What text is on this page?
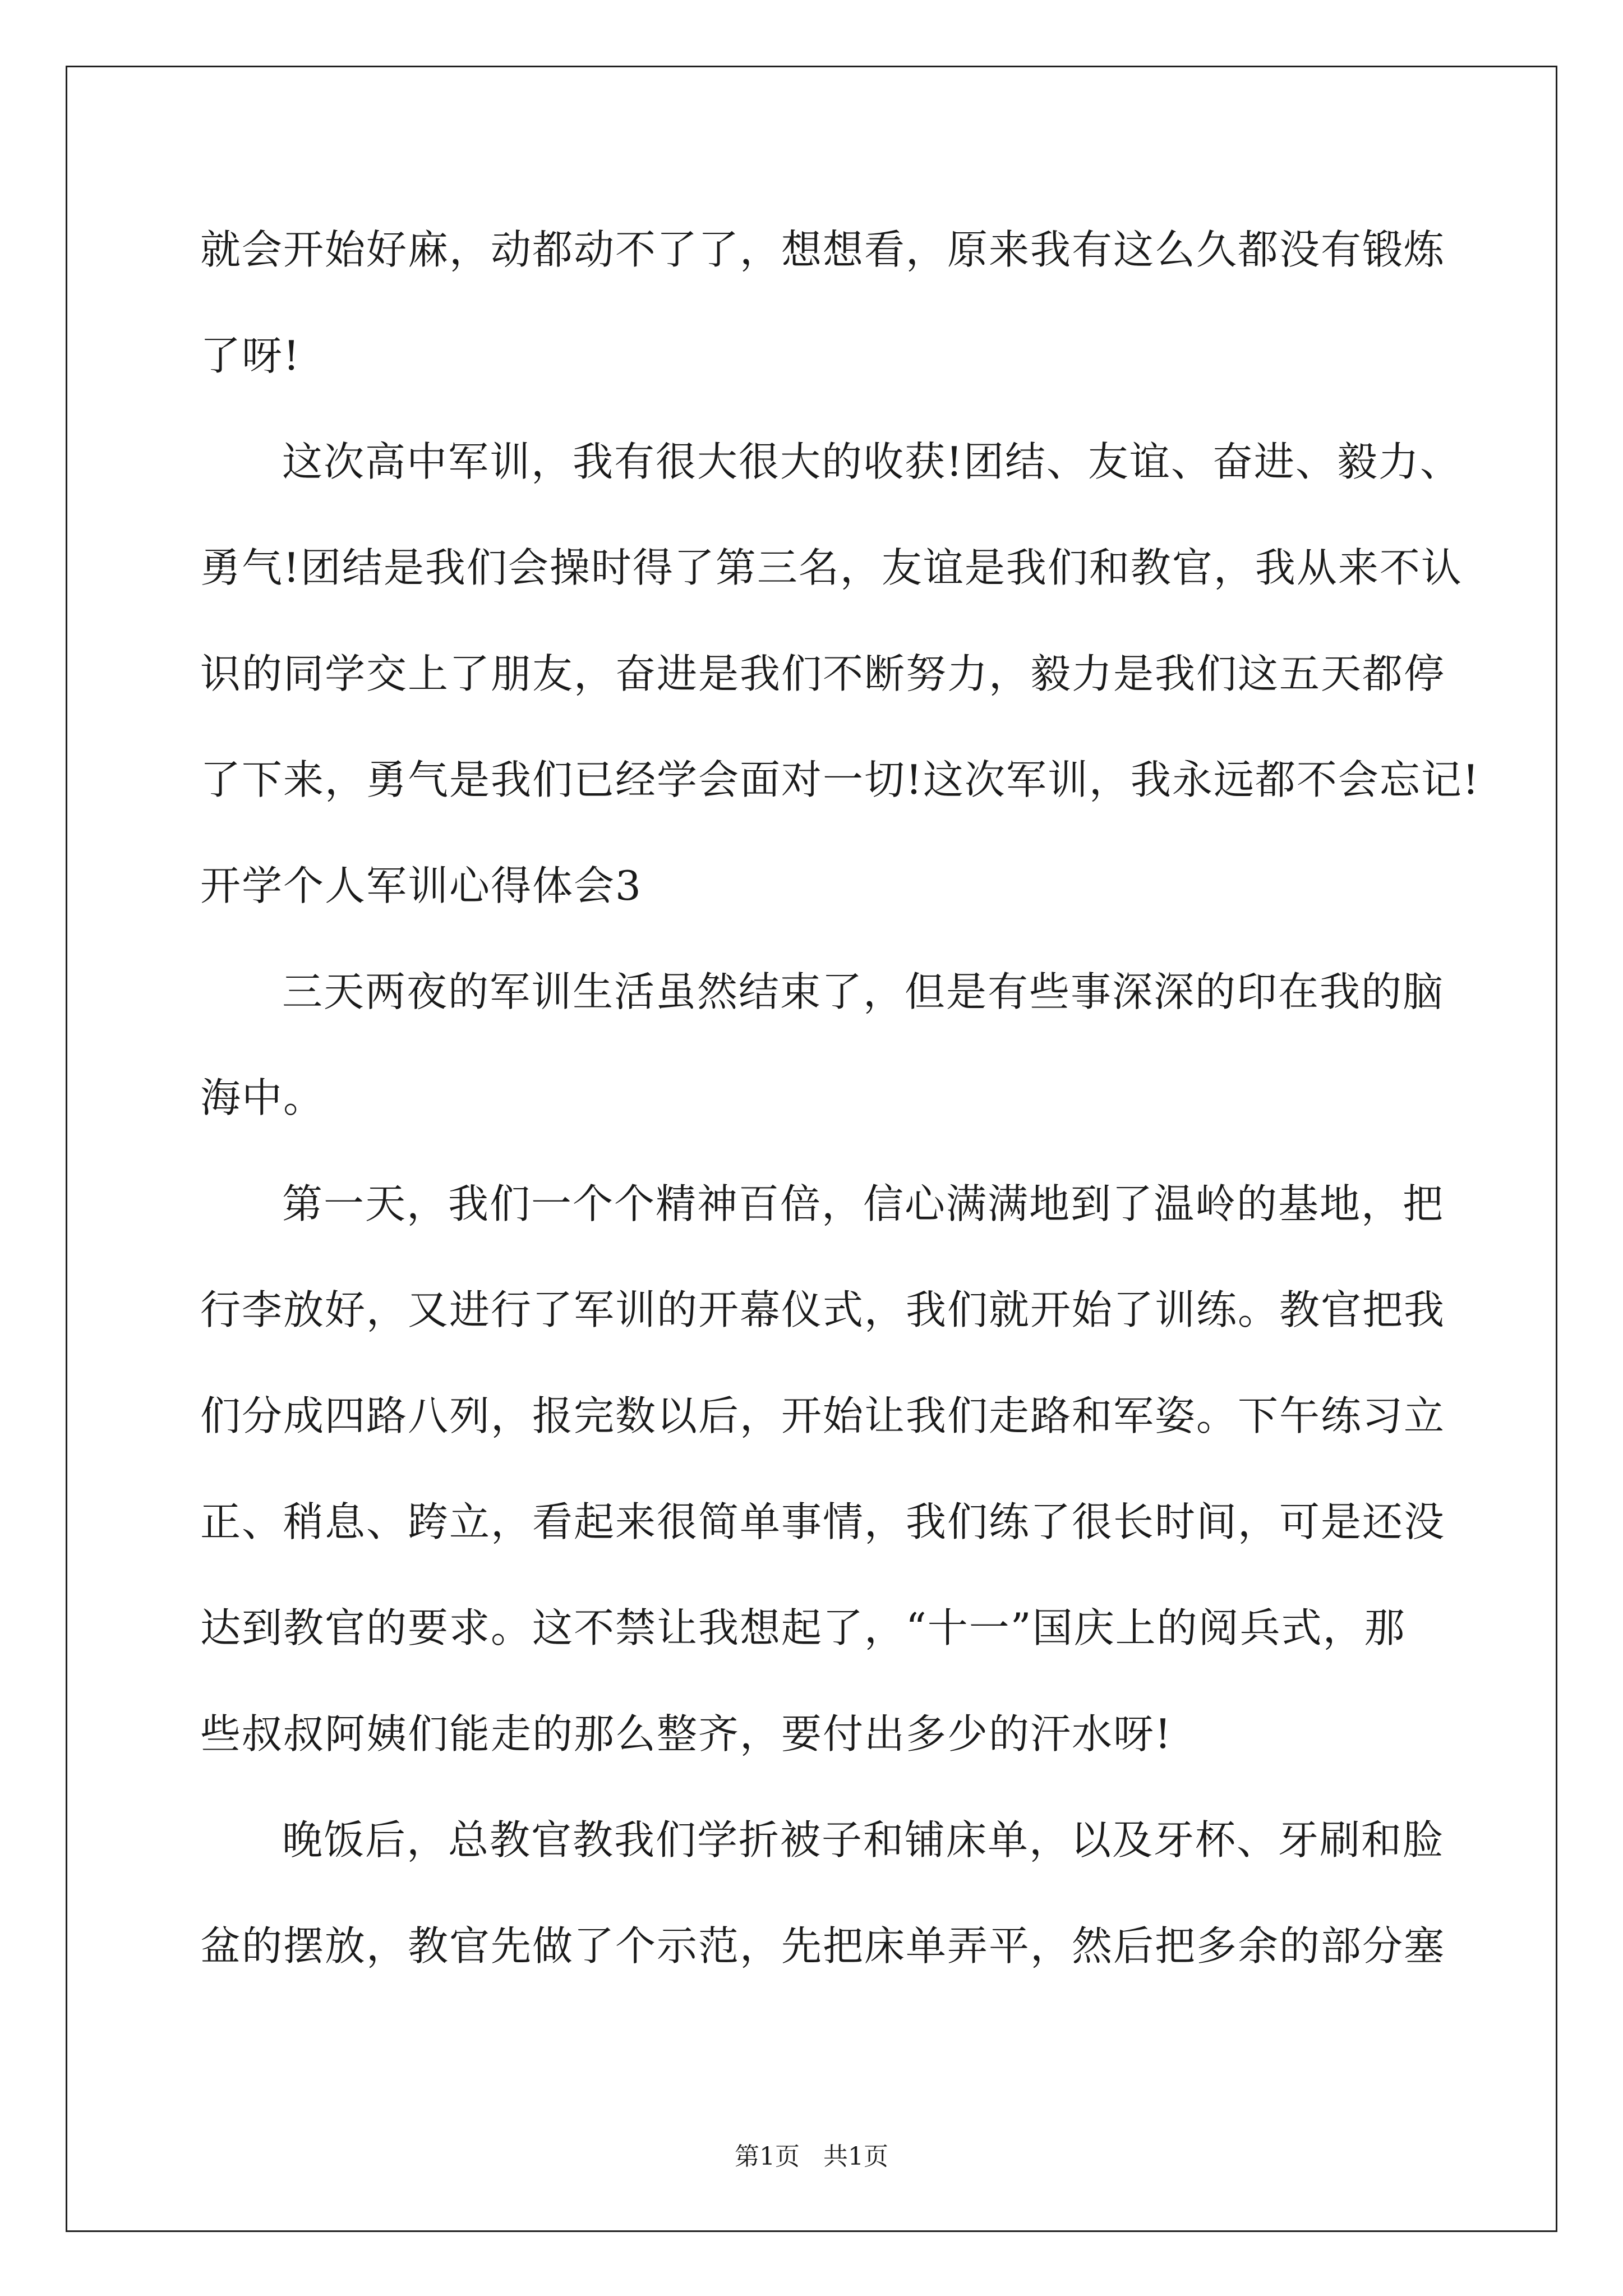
就会开始好麻，动都动不了了，想想看，原来我有这么久都没有锻炼
了呀!
这次高中军训，我有很大很大的收获!团结、友谊、奋进、毅力、
勇气!团结是我们会操时得了第三名，友谊是我们和教官，我从来不认
识的同学交上了朋友，奋进是我们不断努力，毅力是我们这五天都停
了下来，勇气是我们已经学会面对一切!这次军训，我永远都不会忘记!
开学个人军训心得体会3
三天两夜的军训生活虽然结束了，但是有些事深深的印在我的脑
海中。
第一天，我们一个个精神百倍，信心满满地到了温岭的基地，把
行李放好，又进行了军训的开幕仪式，我们就开始了训练。教官把我
们分成四路八列，报完数以后，开始让我们走路和军姿。下午练习立
正、稍息、跨立，看起来很简单事情，我们练了很长时间，可是还没
达到教官的要求。这不禁让我想起了，“十一”国庆上的阅兵式，那
些叔叔阿姨们能走的那么整齐，要付出多少的汗水呀!
晚饭后，总教官教我们学折被子和铺床单，以及牙杯、牙刷和脸
盆的摆放，教官先做了个示范，先把床单弄平，然后把多余的部分塞
第1页   共1页
